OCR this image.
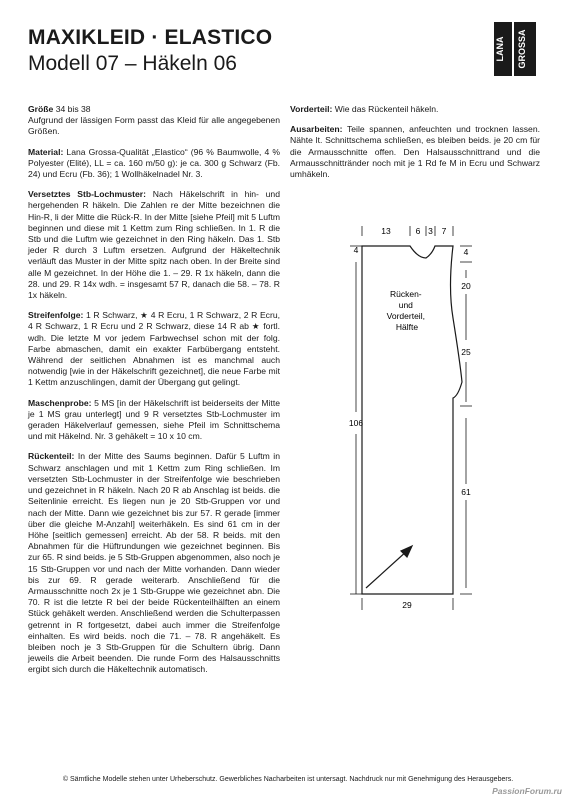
MAXIKLEID · ELASTICO
Modell 07 – Häkeln 06
LANA GROSSA

Größe 34 bis 38
Aufgrund der lässigen Form passt das Kleid für alle angegebenen Größen.

Material: Lana Grossa-Qualität „Elastico“ (96 % Baumwolle, 4 % Polyester (Elité), LL = ca. 160 m/50 g): je ca. 300 g Schwarz (Fb. 24) und Ecru (Fb. 36); 1 Wollhäkelnadel Nr. 3.

Versetztes Stb-Lochmuster: Nach Häkelschrift in hin- und hergehenden R häkeln. Die Zahlen re der Mitte bezeichnen die Hin-R, li der Mitte die Rück-R. In der Mitte [siehe Pfeil] mit 5 Luftm beginnen und diese mit 1 Kettm zum Ring schließen. In 1. R die Stb und die Luftm wie gezeichnet in den Ring häkeln. Das 1. Stb jeder R durch 3 Luftm ersetzen. Aufgrund der Häkeltechnik verläuft das Muster in der Mitte spitz nach oben. In der Breite sind alle M gezeichnet. In der Höhe die 1. – 29. R 1x häkeln, dann die 28. und 29. R 14x wdh. = insgesamt 57 R, danach die 58. – 78. R 1x häkeln.

Streifenfolge: 1 R Schwarz, ★ 4 R Ecru, 1 R Schwarz, 2 R Ecru, 4 R Schwarz, 1 R Ecru und 2 R Schwarz, diese 14 R ab ★ fortl. wdh. Die letzte M vor jedem Farbwechsel schon mit der folg. Farbe abmaschen, damit ein exakter Farbübergang entsteht. Während der seitlichen Abnahmen ist es manchmal auch notwendig [wie in der Häkelschrift gezeichnet], die neue Farbe mit 1 Kettm anzuschlingen, damit der Übergang gut gelingt.

Maschenprobe: 5 MS [in der Häkelschrift ist beiderseits der Mitte je 1 MS grau unterlegt] und 9 R versetztes Stb-Lochmuster im geraden Häkelverlauf gemessen, siehe Pfeil im Schnittschema und mit Häkelnd. Nr. 3 gehäkelt = 10 x 10 cm.

Rückenteil: In der Mitte des Saums beginnen. Dafür 5 Luftm in Schwarz anschlagen und mit 1 Kettm zum Ring schließen. Im versetzten Stb-Lochmuster in der Streifenfolge wie beschrieben und gezeichnet in R häkeln. Nach 20 R ab Anschlag ist beids. die Seitenlinie erreicht. Es liegen nun je 20 Stb-Gruppen vor und nach der Mitte. Dann wie gezeichnet bis zur 57. R gerade [immer über die gleiche M-Anzahl] weiterhäkeln. Es sind 61 cm in der Höhe [seitlich gemessen] erreicht. Ab der 58. R beids. mit den Abnahmen für die Hüftrundungen wie gezeichnet beginnen. Bis zur 65. R sind beids. je 5 Stb-Gruppen abgenommen, also noch je 15 Stb-Gruppen vor und nach der Mitte vorhanden. Dann wieder bis zur 69. R gerade weiterarb. Anschließend für die Armausschnitte noch 2x je 1 Stb-Gruppe wie gezeichnet abn. Die 70. R ist die letzte R bei der beide Rückenteilhälften an einem Stück gehäkelt werden. Anschließend werden die Schulterpassen getrennt in R fortgesetzt, dabei auch immer die Streifenfolge einhalten. Es wird beids. noch die 71. – 78. R angehäkelt. Es bleiben noch je 3 Stb-Gruppen für die Schultern übrig. Dann jeweils die Arbeit beenden. Die runde Form des Halsausschnitts ergibt sich durch die Häkeltechnik automatisch.

Vorderteil: Wie das Rückenteil häkeln.

Ausarbeiten: Teile spannen, anfeuchten und trocknen lassen. Nähte lt. Schnittschema schließen, es bleiben beids. je 20 cm für die Armausschnitte offen. Den Halsausschnittrand und die Armausschnittränder noch mit je 1 Rd fe M in Ecru und Schwarz umhäkeln.

13	6 3 7
4
106
4
20
25
61
Rücken- und Vorderteil, Hälfte
29
© Sämtliche Modelle stehen unter Urheberschutz. Gewerbliches Nacharbeiten ist untersagt. Nachdruck nur mit Genehmigung des Herausgebers.
PassionForum.ru
